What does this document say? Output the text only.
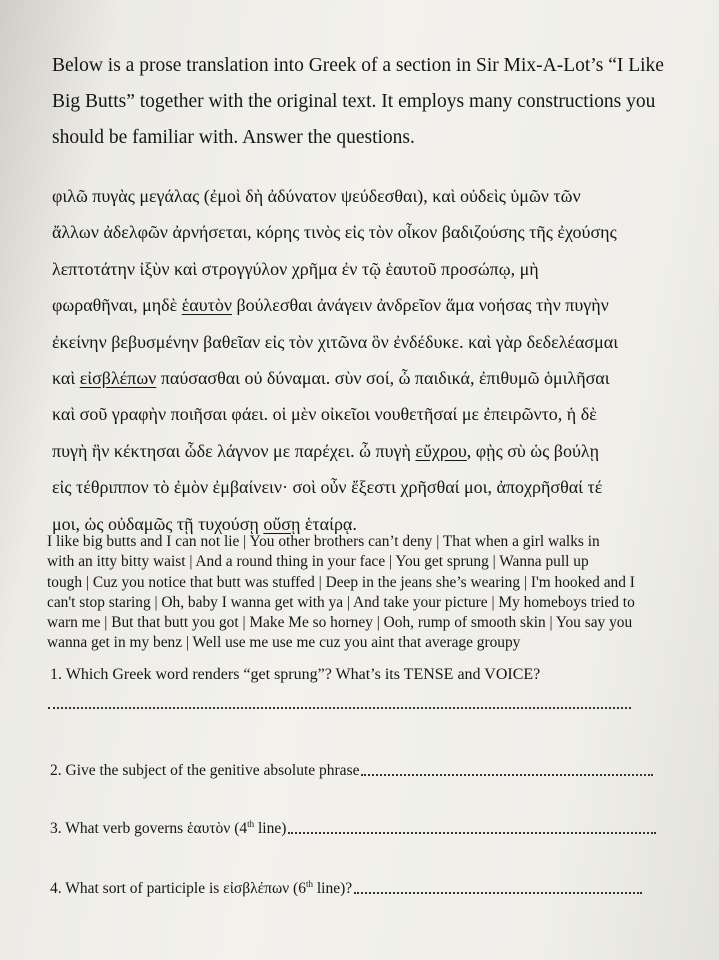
Below is a prose translation into Greek of a section in Sir Mix-A-Lot’s “I Like
Big Butts” together with the original text. It employs many constructions you
should be familiar with. Answer the questions.
φιλῶ πυγὰς μεγάλας (ἐμοὶ δὴ ἀδύνατον ψεύδεσθαι), καὶ οὐδεὶς ὑμῶν τῶν
ἄλλων ἀδελφῶν ἀρνήσεται, κόρης τινὸς εἰς τὸν οἶκον βαδιζούσης τῆς ἐχούσης
λεπτοτάτην ἰξὺν καὶ στρογγύλον χρῆμα ἐν τῷ ἑαυτοῦ προσώπῳ, μὴ
φωραθῆναι, μηδὲ ἑαυτὸν βούλεσθαι ἀνάγειν ἀνδρεῖον ἅμα νοήσας τὴν πυγὴν
ἐκείνην βεβυσμένην βαθεῖαν εἰς τὸν χιτῶνα ὃν ἐνδέδυκε. καὶ γὰρ δεδελέασμαι
καὶ εἰσβλέπων παύσασθαι οὐ δύναμαι. σὺν σοί, ὦ παιδικά, ἐπιθυμῶ ὁμιλῆσαι
καὶ σοῦ γραφὴν ποιῆσαι φάει. οἱ μὲν οἰκεῖοι νουθετῆσαί με ἐπειρῶντο, ἡ δὲ
πυγὴ ἣν κέκτησαι ὧδε λάγνον με παρέχει. ὦ πυγὴ εὔχρου, φῂς σὺ ὡς βούλῃ
εἰς τέθριππον τὸ ἐμὸν ἐμβαίνειν· σοὶ οὖν ἔξεστι χρῆσθαί μοι, ἀποχρῆσθαί τέ
μοι, ὡς οὐδαμῶς τῇ τυχούσῃ οὔσῃ ἑταίρᾳ.
I like big butts and I can not lie | You other brothers can’t deny | That when a girl walks in
with an itty bitty waist | And a round thing in your face | You get sprung | Wanna pull up
tough | Cuz you notice that butt was stuffed | Deep in the jeans she’s wearing | I'm hooked and I
can't stop staring | Oh, baby I wanna get with ya | And take your picture | My homeboys tried to
warn me | But that butt you got | Make Me so horney | Ooh, rump of smooth skin | You say you
wanna get in my benz | Well use me use me cuz you aint that average groupy
1. Which Greek word renders “get sprung”? What’s its TENSE and VOICE?
2. Give the subject of the genitive absolute phrase
3. What verb governs ἑαυτὸν (4th line)
4. What sort of participle is εἰσβλέπων (6th line)?
